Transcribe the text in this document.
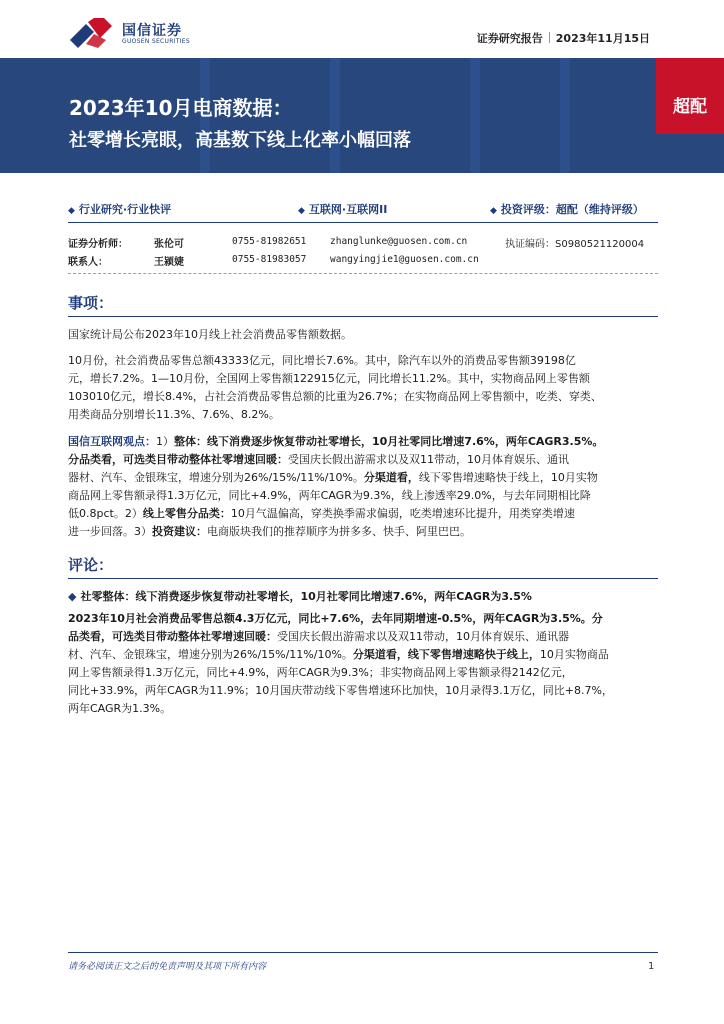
国信证券
GUOSEN SECURITIES	证券研究报告 2023年11月15日
2023年10月电商数据：
社零增长亮眼，高基数下线上化率小幅回落
超配
◆ 行业研究·行业快评	◆ 互联网·互联网II	◆ 投资评级：超配（维持评级）
证券分析师：	张伦可	0755-81982651 zhanglunke@guosen.com.cn	执证编码：S0980521120004
联系人：	王颍婕	0755-81983057 wangyingjie1@guosen.com.cn
事项：
国家统计局公布2023年10月线上社会消费品零售额数据。
10月份，社会消费品零售总额43333亿元，同比增长7.6%。其中，除汽车以外的消费品零售额39198亿
元，增长7.2%。1—10月份，全国网上零售额122915亿元，同比增长11.2%。其中，实物商品网上零售额
103010亿元，增长8.4%，占社会消费品零售总额的比重为26.7%；在实物商品网上零售额中，吃类、穿类、
用类商品分别增长11.3%、7.6%、8.2%。
国信互联网观点：1）整体：线下消费逐步恢复带动社零增长，10月社零同比增速7.6%，两年CAGR3.5%。
分品类看，可选类目带动整体社零增速回暖：受国庆长假出游需求以及双11带动，10月体育娱乐、通讯
器材、汽车、金银珠宝，增速分别为26%/15%/11%/10%。分渠道看，线下零售增速略快于线上，10月实物
商品网上零售额录得1.3万亿元，同比+4.9%，两年CAGR为9.3%，线上渗透率29.0%，与去年同期相比降
低0.8pct。2）线上零售分品类：10月气温偏高，穿类换季需求偏弱，吃类增速环比提升，用类穿类增速
进一步回落。3）投资建议：电商版块我们的推荐顺序为拼多多、快手、阿里巴巴。
评论：
◆ 社零整体：线下消费逐步恢复带动社零增长，10月社零同比增速7.6%，两年CAGR为3.5%
2023年10月社会消费品零售总额4.3万亿元，同比+7.6%，去年同期增速-0.5%，两年CAGR为3.5%。分
品类看，可选类目带动整体社零增速回暖：受国庆长假出游需求以及双11带动，10月体育娱乐、通讯器
材、汽车、金银珠宝，增速分别为26%/15%/11%/10%。分渠道看，线下零售增速略快于线上，10月实物商品
网上零售额录得1.3万亿元，同比+4.9%，两年CAGR为9.3%；非实物商品网上零售额录得2142亿元，
同比+33.9%，两年CAGR为11.9%；10月国庆带动线下零售增速环比加快，10月录得3.1万亿，同比+8.7%，
两年CAGR为1.3%。
请务必阅读正文之后的免责声明及其项下所有内容	1
